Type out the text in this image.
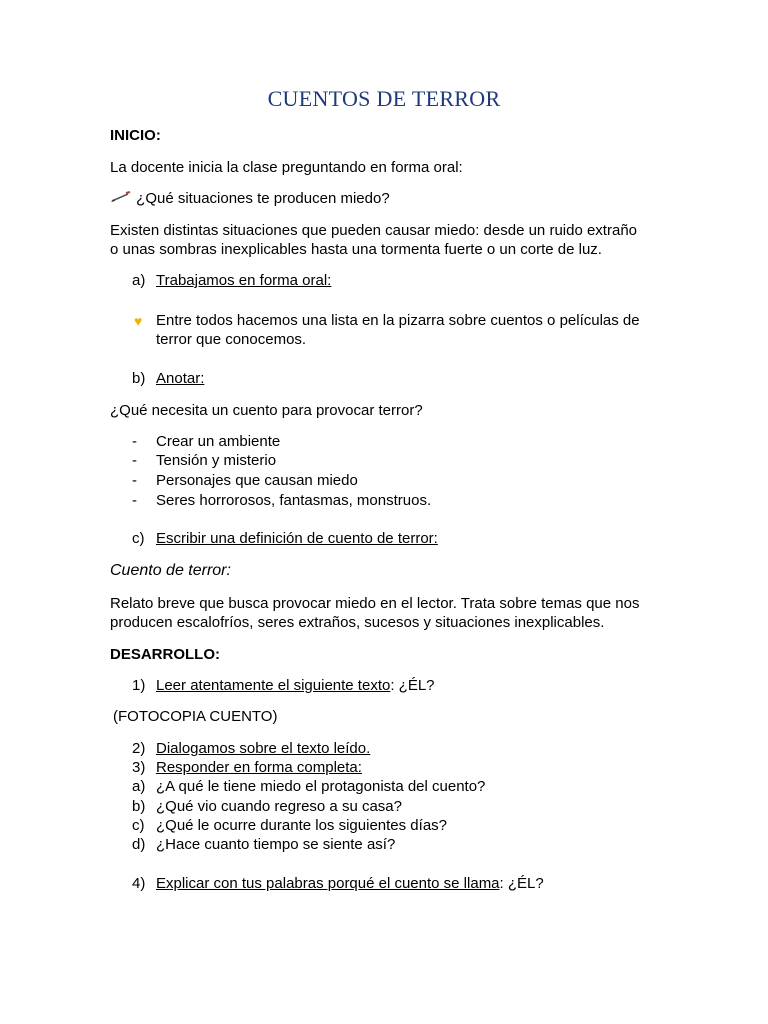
CUENTOS DE TERROR
INICIO:
La docente inicia la clase preguntando en forma oral:
¿Qué situaciones te producen miedo?
Existen distintas situaciones que pueden causar miedo: desde un ruido extraño
o unas sombras inexplicables hasta una tormenta fuerte o un corte de luz.
a) Trabajamos en forma oral:
♥ Entre todos hacemos una lista en la pizarra sobre cuentos o películas de
terror que conocemos.
b) Anotar:
¿Qué necesita un cuento para provocar terror?
- Crear un ambiente
- Tensión y misterio
- Personajes que causan miedo
- Seres horrorosos, fantasmas, monstruos.
c) Escribir una definición de cuento de terror:
Cuento de terror:
Relato breve que busca provocar miedo en el lector. Trata sobre temas que nos
producen escalofríos, seres extraños, sucesos y situaciones inexplicables.
DESARROLLO:
1) Leer atentamente el siguiente texto: ¿ÉL?
(FOTOCOPIA CUENTO)
2) Dialogamos sobre el texto leído.
3) Responder en forma completa:
a) ¿A qué le tiene miedo el protagonista del cuento?
b) ¿Qué vio cuando regreso a su casa?
c) ¿Qué le ocurre durante los siguientes días?
d) ¿Hace cuanto tiempo se siente así?
4) Explicar con tus palabras porqué el cuento se llama: ¿ÉL?
